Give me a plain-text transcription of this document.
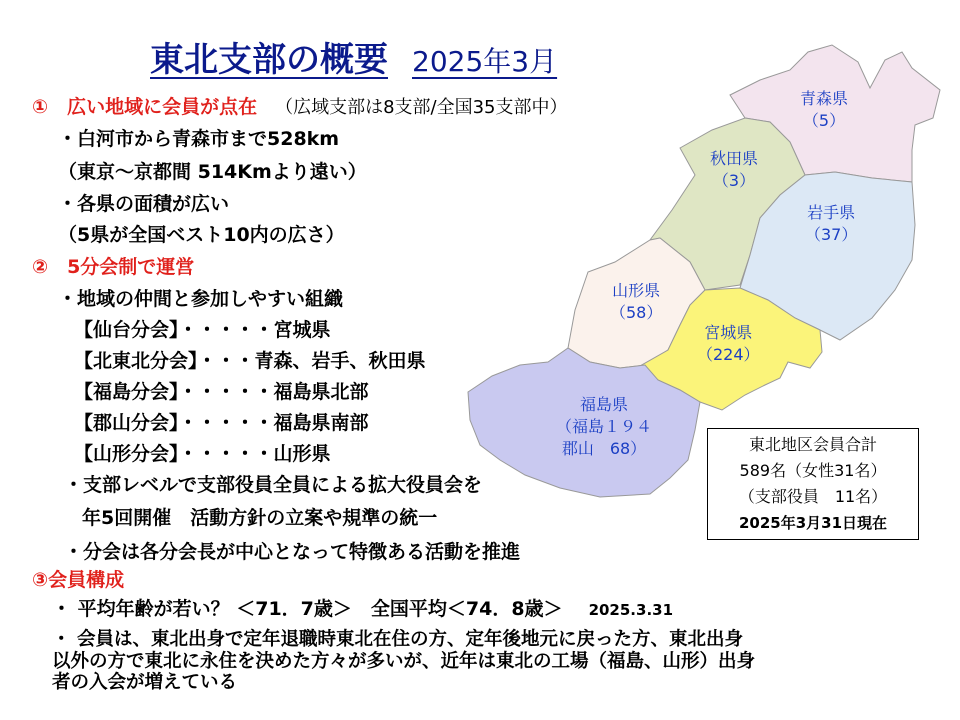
東北支部の概要 2025年3月
青森県
（5）
秋田県
（3）
岩手県
（37）
山形県
（58）
宮城県
（224）
福島県
（福島１９４
郡山　68）
①　広い地域に会員が点在 （広域支部は8支部/全国35支部中）
・白河市から青森市まで528km
（東京～京都間 514Kmより遠い）
・各県の面積が広い
（5県が全国ベスト10内の広さ）
②　5分会制で運営
・地域の仲間と参加しやすい組織
【仙台分会】・・・・・宮城県
【北東北分会】・・・青森、岩手、秋田県
【福島分会】・・・・・福島県北部
【郡山分会】・・・・・福島県南部
【山形分会】・・・・・山形県
・支部レベルで支部役員全員による拡大役員会を
年5回開催　活動方針の立案や規準の統一
・分会は各分会長が中心となって特徴ある活動を推進
③会員構成
・ 平均年齢が若い？ ＜71．7歳＞　全国平均＜74．8歳＞ 2025.3.31
・ 会員は、東北出身で定年退職時東北在住の方、定年後地元に戻った方、東北出身
以外の方で東北に永住を決めた方々が多いが、近年は東北の工場（福島、山形）出身
者の入会が増えている
東北地区会員合計
589名（女性31名）
（支部役員　11名）
2025年3月31日現在
